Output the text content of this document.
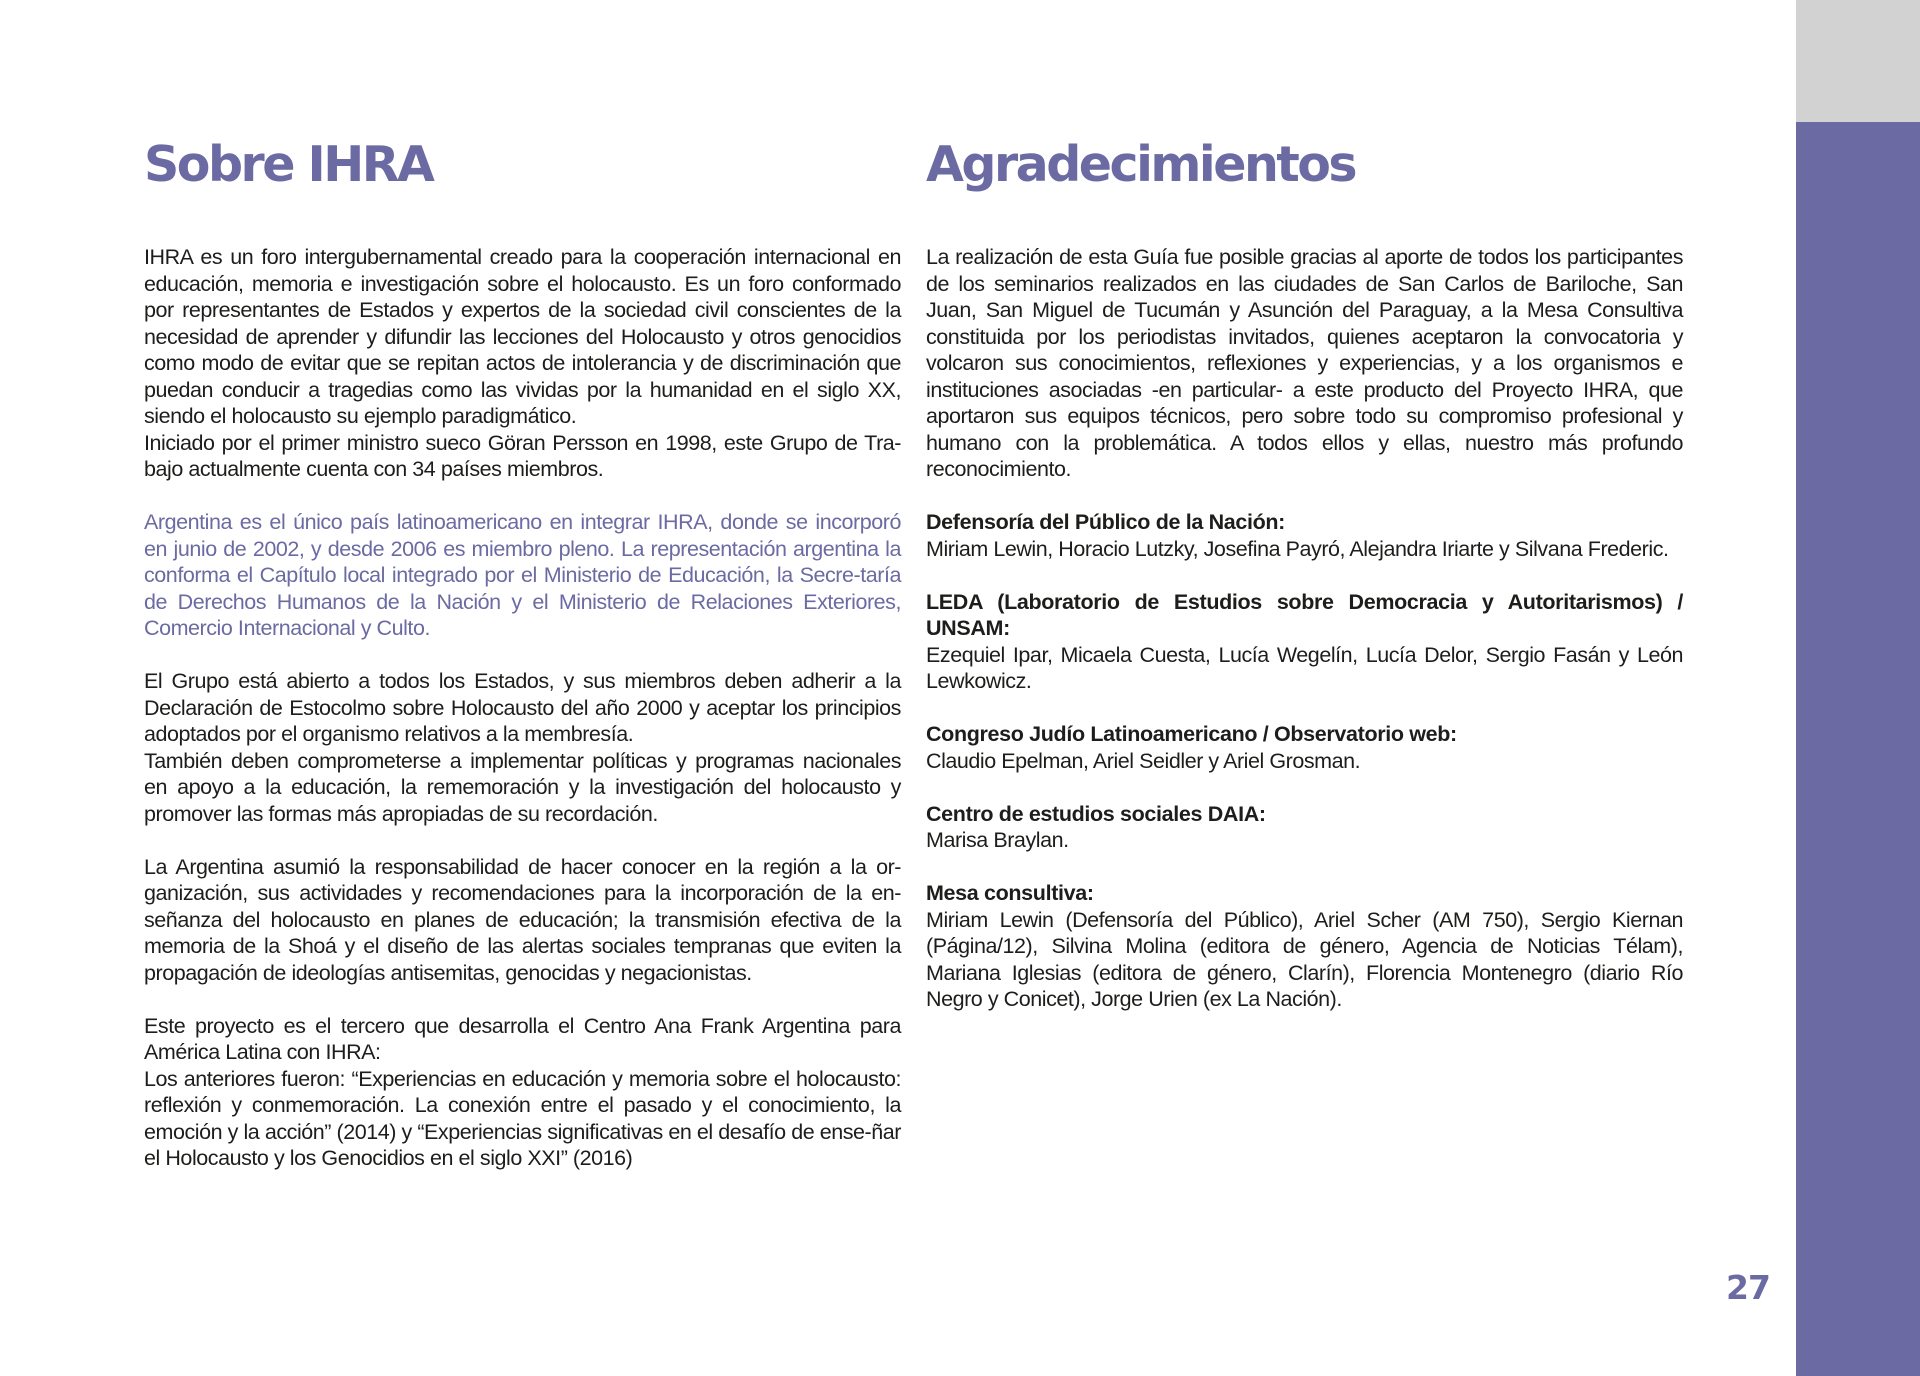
Sobre IHRA

IHRA es un foro intergubernamental creado para la cooperación internacional en educación, memoria e investigación sobre el holocausto. Es un foro conformado por representantes de Estados y expertos de la sociedad civil conscientes de la necesidad de aprender y difundir las lecciones del Holocausto y otros genocidios como modo de evitar que se repitan actos de intolerancia y de discriminación que puedan conducir a tragedias como las vividas por la humanidad en el siglo XX, siendo el holocausto su ejemplo paradigmático.

Iniciado por el primer ministro sueco Göran Persson en 1998, este Grupo de Tra-bajo actualmente cuenta con 34 países miembros.

Argentina es el único país latinoamericano en integrar IHRA, donde se incorporó en junio de 2002, y desde 2006 es miembro pleno. La representación argentina la conforma el Capítulo local integrado por el Ministerio de Educación, la Secre-taría de Derechos Humanos de la Nación y el Ministerio de Relaciones Exteriores, Comercio Internacional y Culto.

El Grupo está abierto a todos los Estados, y sus miembros deben adherir a la Declaración de Estocolmo sobre Holocausto del año 2000 y aceptar los principios adoptados por el organismo relativos a la membresía.

También deben comprometerse a implementar políticas y programas nacionales en apoyo a la educación, la rememoración y la investigación del holocausto y promover las formas más apropiadas de su recordación.

La Argentina asumió la responsabilidad de hacer conocer en la región a la or-ganización, sus actividades y recomendaciones para la incorporación de la en-señanza del holocausto en planes de educación; la transmisión efectiva de la memoria de la Shoá y el diseño de las alertas sociales tempranas que eviten la propagación de ideologías antisemitas, genocidas y negacionistas.

Este proyecto es el tercero que desarrolla el Centro Ana Frank Argentina para América Latina con IHRA:

Los anteriores fueron: “Experiencias en educación y memoria sobre el holocausto: reflexión y conmemoración. La conexión entre el pasado y el conocimiento, la emoción y la acción” (2014) y “Experiencias significativas en el desafío de ense-ñar el Holocausto y los Genocidios en el siglo XXI” (2016)

Agradecimientos

La realización de esta Guía fue posible gracias al aporte de todos los participantes de los seminarios realizados en las ciudades de San Carlos de Bariloche, San Juan, San Miguel de Tucumán y Asunción del Paraguay, a la Mesa Consultiva constituida por los periodistas invitados, quienes aceptaron la convocatoria y volcaron sus conocimientos, reflexiones y experiencias, y a los organismos e instituciones asociadas -en particular- a este producto del Proyecto IHRA, que aportaron sus equipos técnicos, pero sobre todo su compromiso profesional y humano con la problemática. A todos ellos y ellas, nuestro más profundo reconocimiento.

Defensoría del Público de la Nación:

Miriam Lewin, Horacio Lutzky, Josefina Payró, Alejandra Iriarte y Silvana Frederic.

LEDA (Laboratorio de Estudios sobre Democracia y Autoritarismos) / UNSAM:

Ezequiel Ipar, Micaela Cuesta, Lucía Wegelín, Lucía Delor, Sergio Fasán y León Lewkowicz.

Congreso Judío Latinoamericano / Observatorio web:

Claudio Epelman, Ariel Seidler y Ariel Grosman.

Centro de estudios sociales DAIA:

Marisa Braylan.

Mesa consultiva:

Miriam Lewin (Defensoría del Público), Ariel Scher (AM 750), Sergio Kiernan (Página/12), Silvina Molina (editora de género, Agencia de Noticias Télam), Mariana Iglesias (editora de género, Clarín), Florencia Montenegro (diario Río Negro y Conicet), Jorge Urien (ex La Nación).

27
